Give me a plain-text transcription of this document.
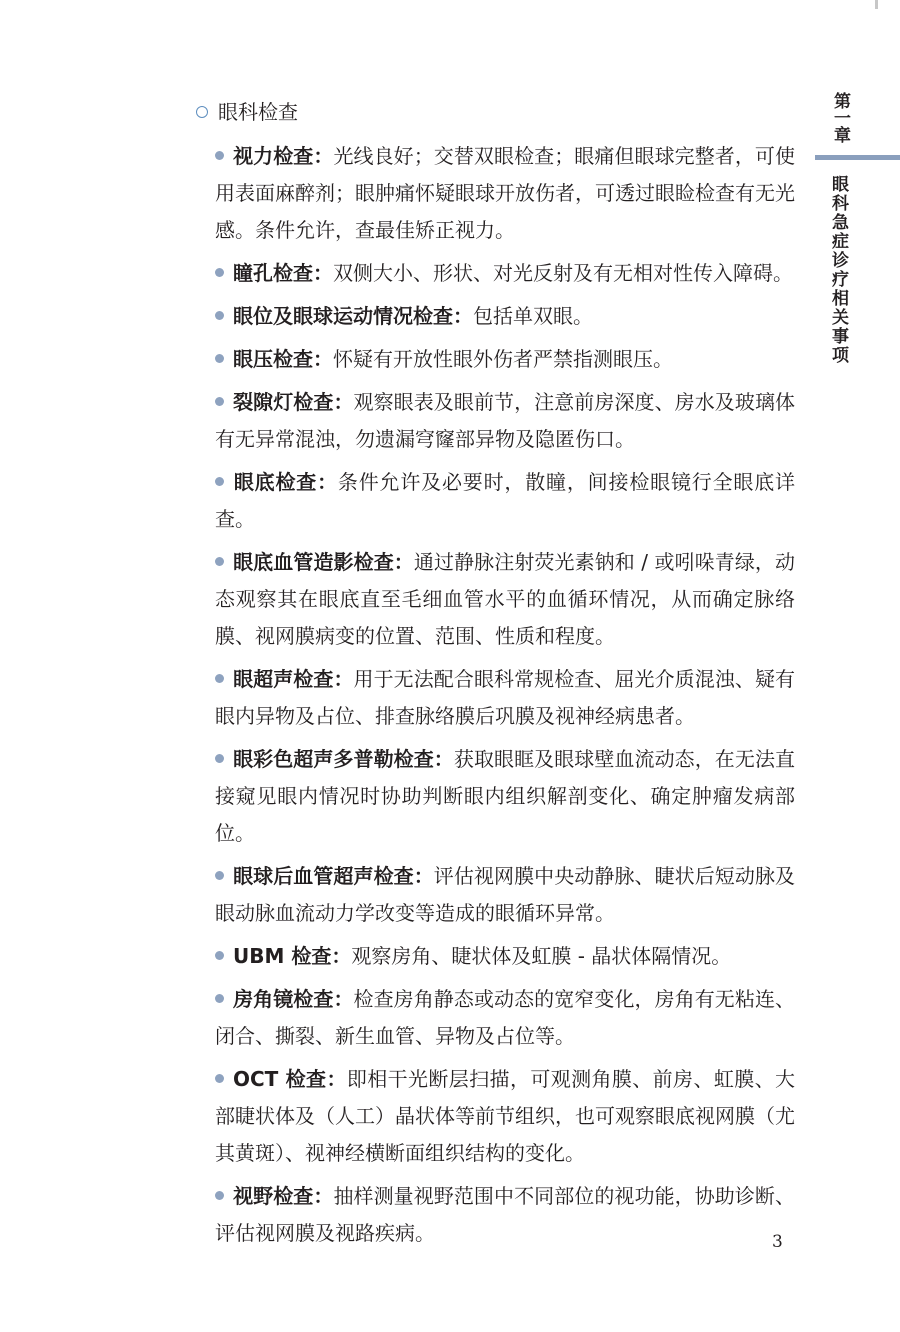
眼科检查
视力检查：光线良好；交替双眼检查；眼痛但眼球完整者，可使用表面麻醉剂；眼肿痛怀疑眼球开放伤者，可透过眼睑检查有无光感。条件允许，查最佳矫正视力。
瞳孔检查：双侧大小、形状、对光反射及有无相对性传入障碍。
眼位及眼球运动情况检查：包括单双眼。
眼压检查：怀疑有开放性眼外伤者严禁指测眼压。
裂隙灯检查：观察眼表及眼前节，注意前房深度、房水及玻璃体有无异常混浊，勿遗漏穹窿部异物及隐匿伤口。
眼底检查：条件允许及必要时，散瞳，间接检眼镜行全眼底详查。
眼底血管造影检查：通过静脉注射荧光素钠和 / 或吲哚青绿，动态观察其在眼底直至毛细血管水平的血循环情况，从而确定脉络膜、视网膜病变的位置、范围、性质和程度。
眼超声检查：用于无法配合眼科常规检查、屈光介质混浊、疑有眼内异物及占位、排查脉络膜后巩膜及视神经病患者。
眼彩色超声多普勒检查：获取眼眶及眼球壁血流动态，在无法直接窥见眼内情况时协助判断眼内组织解剖变化、确定肿瘤发病部位。
眼球后血管超声检查：评估视网膜中央动静脉、睫状后短动脉及眼动脉血流动力学改变等造成的眼循环异常。
UBM 检查：观察房角、睫状体及虹膜 - 晶状体隔情况。
房角镜检查：检查房角静态或动态的宽窄变化，房角有无粘连、闭合、撕裂、新生血管、异物及占位等。
OCT 检查：即相干光断层扫描，可观测角膜、前房、虹膜、大部睫状体及（人工）晶状体等前节组织，也可观察眼底视网膜（尤其黄斑）、视神经横断面组织结构的变化。
视野检查：抽样测量视野范围中不同部位的视功能，协助诊断、评估视网膜及视路疾病。
第一章
眼科急症诊疗相关事项
3
